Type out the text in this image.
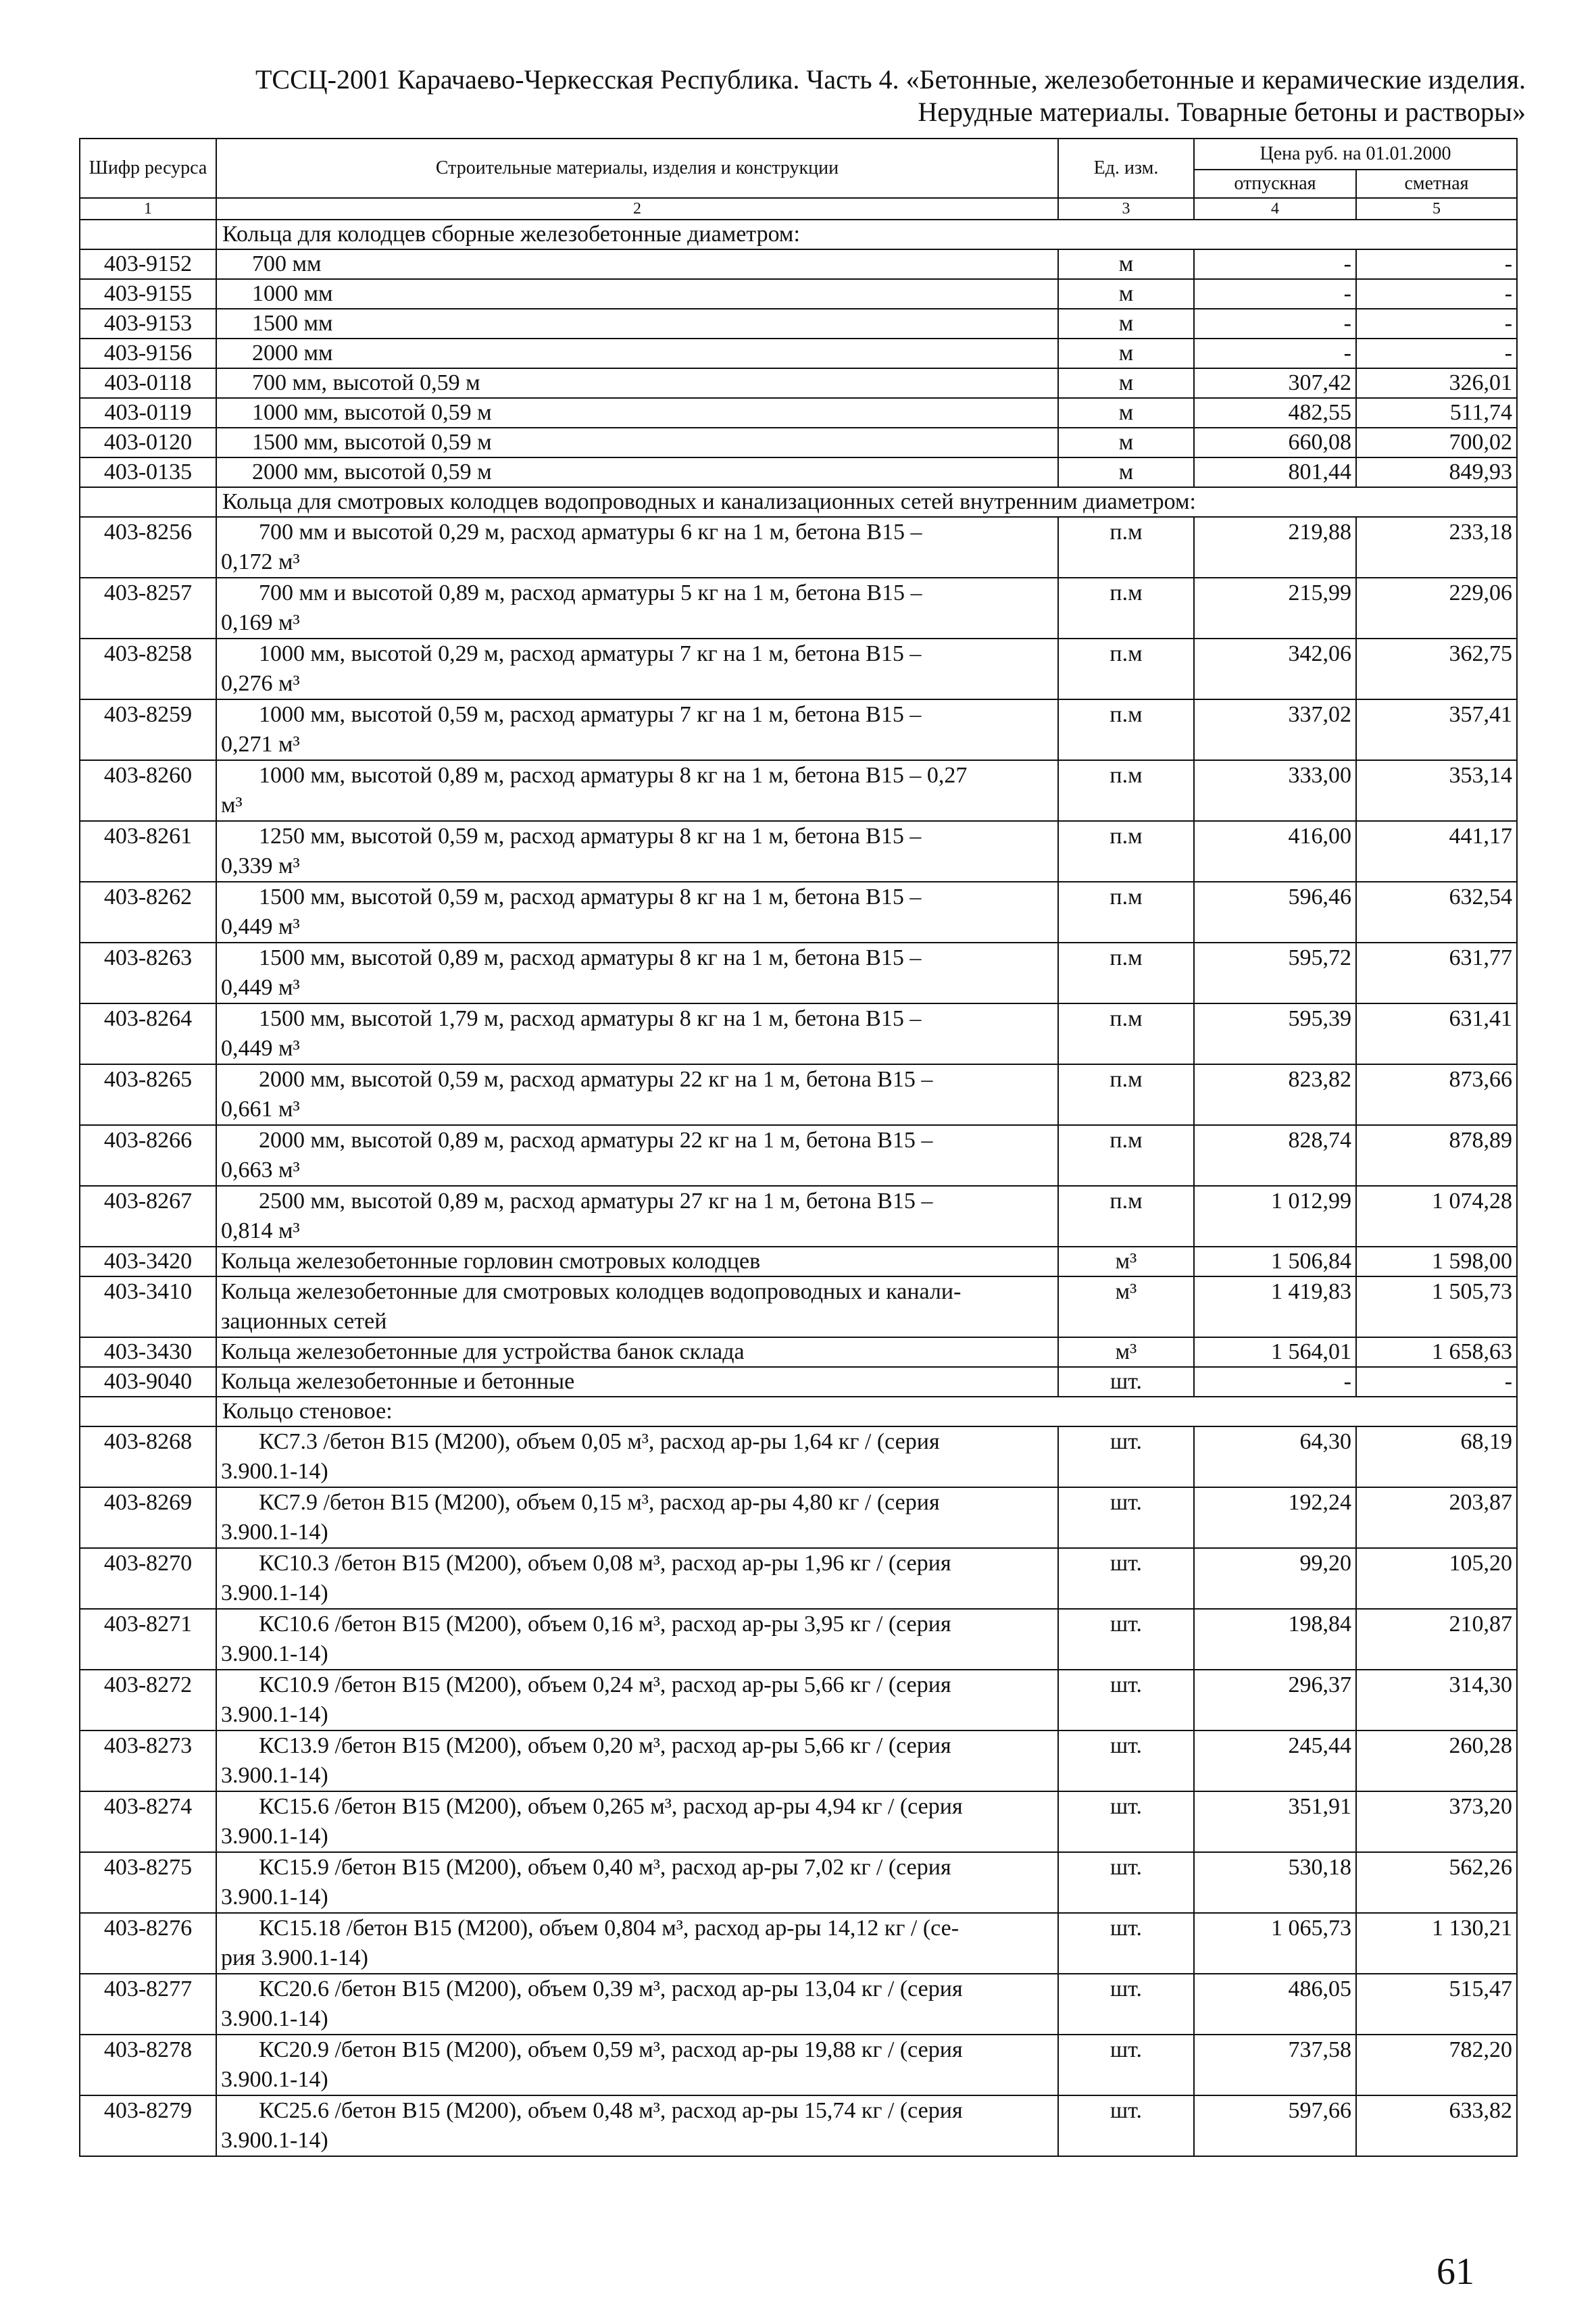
ТССЦ-2001 Карачаево-Черкесская Республика. Часть 4. «Бетонные, железобетонные и керамические изделия.
Нерудные материалы. Товарные бетоны и растворы»
Шифр ресурса	Строительные материалы, изделия и конструкции	Ед. изм.	Цена руб. на 01.01.2000	
			отпускная	сметная
1	2	3	4	5
	Кольца для колодцев сборные железобетонные диаметром:			
403-9152	700 мм	м	-	-
403-9155	1000 мм	м	-	-
403-9153	1500 мм	м	-	-
403-9156	2000 мм	м	-	-
403-0118	700 мм, высотой 0,59 м	м	307,42	326,01
403-0119	1000 мм, высотой 0,59 м	м	482,55	511,74
403-0120	1500 мм, высотой 0,59 м	м	660,08	700,02
403-0135	2000 мм, высотой 0,59 м	м	801,44	849,93
	Кольца для смотровых колодцев водопроводных и канализационных сетей внутренним диаметром:			
403-8256	700 мм и высотой 0,29 м, расход арматуры 6 кг на 1 м, бетона В15 –
0,172 м³	п.м	219,88	233,18
403-8257	700 мм и высотой 0,89 м, расход арматуры 5 кг на 1 м, бетона В15 –
0,169 м³	п.м	215,99	229,06
403-8258	1000 мм, высотой 0,29 м, расход арматуры 7 кг на 1 м, бетона В15 –
0,276 м³	п.м	342,06	362,75
403-8259	1000 мм, высотой 0,59 м, расход арматуры 7 кг на 1 м, бетона В15 –
0,271 м³	п.м	337,02	357,41
403-8260	1000 мм, высотой 0,89 м, расход арматуры 8 кг на 1 м, бетона В15 – 0,27
м³	п.м	333,00	353,14
403-8261	1250 мм, высотой 0,59 м, расход арматуры 8 кг на 1 м, бетона В15 –
0,339 м³	п.м	416,00	441,17
403-8262	1500 мм, высотой 0,59 м, расход арматуры 8 кг на 1 м, бетона В15 –
0,449 м³	п.м	596,46	632,54
403-8263	1500 мм, высотой 0,89 м, расход арматуры 8 кг на 1 м, бетона В15 –
0,449 м³	п.м	595,72	631,77
403-8264	1500 мм, высотой 1,79 м, расход арматуры 8 кг на 1 м, бетона В15 –
0,449 м³	п.м	595,39	631,41
403-8265	2000 мм, высотой 0,59 м, расход арматуры 22 кг на 1 м, бетона В15 –
0,661 м³	п.м	823,82	873,66
403-8266	2000 мм, высотой 0,89 м, расход арматуры 22 кг на 1 м, бетона В15 –
0,663 м³	п.м	828,74	878,89
403-8267	2500 мм, высотой 0,89 м, расход арматуры 27 кг на 1 м, бетона В15 –
0,814 м³	п.м	1 012,99	1 074,28
403-3420	Кольца железобетонные горловин смотровых колодцев	м³	1 506,84	1 598,00
403-3410	Кольца железобетонные для смотровых колодцев водопроводных и канали-
зационных сетей	м³	1 419,83	1 505,73
403-3430	Кольца железобетонные для устройства банок склада	м³	1 564,01	1 658,63
403-9040	Кольца железобетонные и бетонные	шт.	-	-
	Кольцо стеновое:			
403-8268	КС7.3 /бетон В15 (М200), объем 0,05 м³, расход ар-ры 1,64 кг / (серия
3.900.1-14)	шт.	64,30	68,19
403-8269	КС7.9 /бетон В15 (М200), объем 0,15 м³, расход ар-ры 4,80 кг / (серия
3.900.1-14)	шт.	192,24	203,87
403-8270	КС10.3 /бетон В15 (М200), объем 0,08 м³, расход ар-ры 1,96 кг / (серия
3.900.1-14)	шт.	99,20	105,20
403-8271	КС10.6 /бетон В15 (М200), объем 0,16 м³, расход ар-ры 3,95 кг / (серия
3.900.1-14)	шт.	198,84	210,87
403-8272	КС10.9 /бетон В15 (М200), объем 0,24 м³, расход ар-ры 5,66 кг / (серия
3.900.1-14)	шт.	296,37	314,30
403-8273	КС13.9 /бетон В15 (М200), объем 0,20 м³, расход ар-ры 5,66 кг / (серия
3.900.1-14)	шт.	245,44	260,28
403-8274	КС15.6 /бетон В15 (М200), объем 0,265 м³, расход ар-ры 4,94 кг / (серия
3.900.1-14)	шт.	351,91	373,20
403-8275	КС15.9 /бетон В15 (М200), объем 0,40 м³, расход ар-ры 7,02 кг / (серия
3.900.1-14)	шт.	530,18	562,26
403-8276	КС15.18 /бетон В15 (М200), объем 0,804 м³, расход ар-ры 14,12 кг / (се-
рия 3.900.1-14)	шт.	1 065,73	1 130,21
403-8277	КС20.6 /бетон В15 (М200), объем 0,39 м³, расход ар-ры 13,04 кг / (серия
3.900.1-14)	шт.	486,05	515,47
403-8278	КС20.9 /бетон В15 (М200), объем 0,59 м³, расход ар-ры 19,88 кг / (серия
3.900.1-14)	шт.	737,58	782,20
403-8279	КС25.6 /бетон В15 (М200), объем 0,48 м³, расход ар-ры 15,74 кг / (серия
3.900.1-14)	шт.	597,66	633,82
61
